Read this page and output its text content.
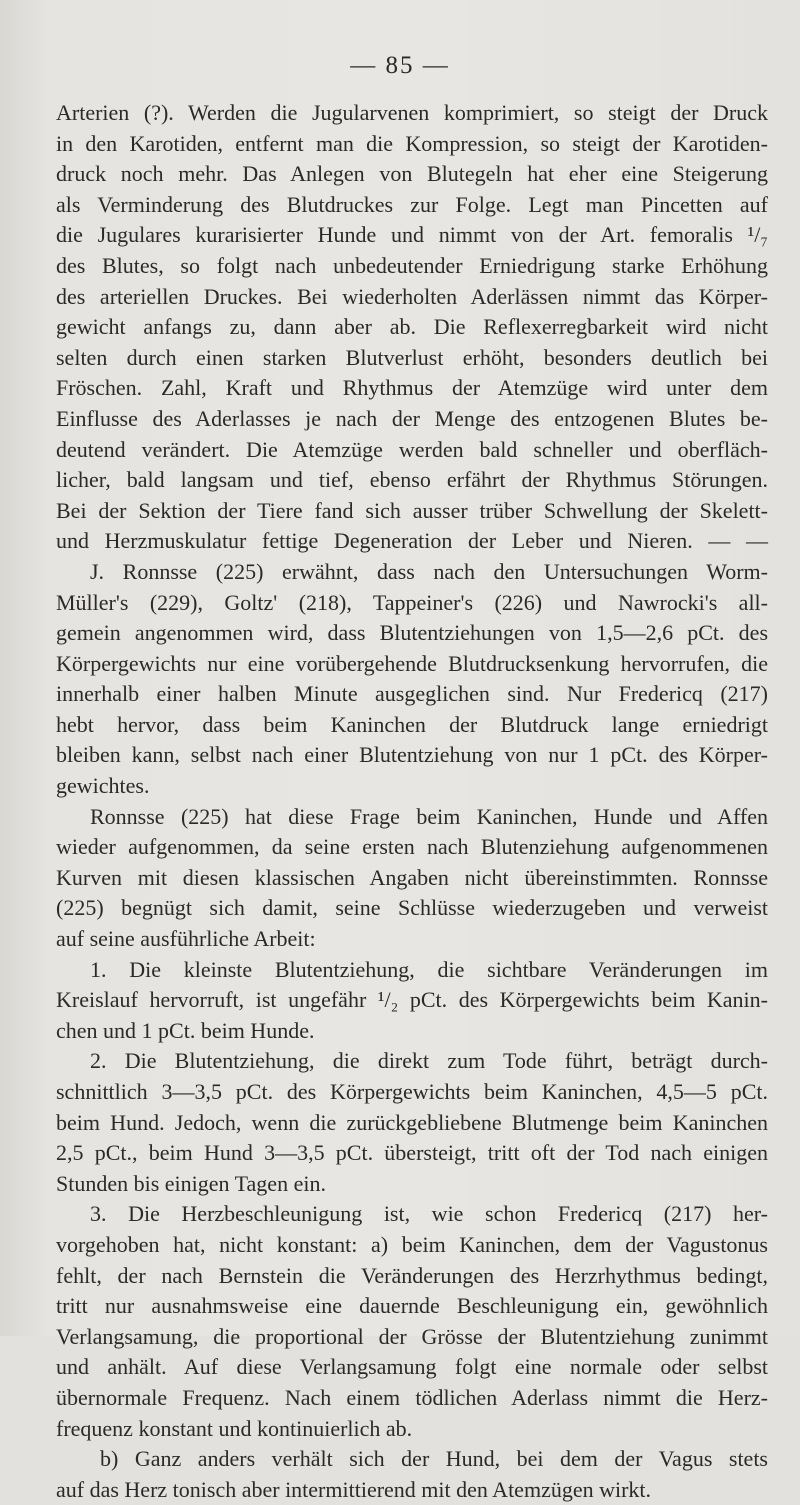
— 85 —
Arterien (?). Werden die Jugularvenen komprimiert, so steigt der Druck
in den Karotiden, entfernt man die Kompression, so steigt der Karotiden-
druck noch mehr. Das Anlegen von Blutegeln hat eher eine Steigerung
als Verminderung des Blutdruckes zur Folge. Legt man Pincetten auf
die Jugulares kurarisierter Hunde und nimmt von der Art. femoralis ¹/₇
des Blutes, so folgt nach unbedeutender Erniedrigung starke Erhöhung
des arteriellen Druckes. Bei wiederholten Aderlässen nimmt das Körper-
gewicht anfangs zu, dann aber ab. Die Reflexerregbarkeit wird nicht
selten durch einen starken Blutverlust erhöht, besonders deutlich bei
Fröschen. Zahl, Kraft und Rhythmus der Atemzüge wird unter dem
Einflusse des Aderlasses je nach der Menge des entzogenen Blutes be-
deutend verändert. Die Atemzüge werden bald schneller und oberfläch-
licher, bald langsam und tief, ebenso erfährt der Rhythmus Störungen.
Bei der Sektion der Tiere fand sich ausser trüber Schwellung der Skelett-
und Herzmuskulatur fettige Degeneration der Leber und Nieren. — —
J. Ronnsse (225) erwähnt, dass nach den Untersuchungen Worm-
Müller's (229), Goltz' (218), Tappeiner's (226) und Nawrocki's all-
gemein angenommen wird, dass Blutentziehungen von 1,5—2,6 pCt. des
Körpergewichts nur eine vorübergehende Blutdrucksenkung hervorrufen, die
innerhalb einer halben Minute ausgeglichen sind. Nur Fredericq (217)
hebt hervor, dass beim Kaninchen der Blutdruck lange erniedrigt
bleiben kann, selbst nach einer Blutentziehung von nur 1 pCt. des Körper-
gewichtes.
Ronnsse (225) hat diese Frage beim Kaninchen, Hunde und Affen
wieder aufgenommen, da seine ersten nach Blutenziehung aufgenommenen
Kurven mit diesen klassischen Angaben nicht übereinstimmten. Ronnsse
(225) begnügt sich damit, seine Schlüsse wiederzugeben und verweist
auf seine ausführliche Arbeit:
1. Die kleinste Blutentziehung, die sichtbare Veränderungen im
Kreislauf hervorruft, ist ungefähr ¹/₂ pCt. des Körpergewichts beim Kanin-
chen und 1 pCt. beim Hunde.
2. Die Blutentziehung, die direkt zum Tode führt, beträgt durch-
schnittlich 3—3,5 pCt. des Körpergewichts beim Kaninchen, 4,5—5 pCt.
beim Hund. Jedoch, wenn die zurückgebliebene Blutmenge beim Kaninchen
2,5 pCt., beim Hund 3—3,5 pCt. übersteigt, tritt oft der Tod nach einigen
Stunden bis einigen Tagen ein.
3. Die Herzbeschleunigung ist, wie schon Fredericq (217) her-
vorgehoben hat, nicht konstant: a) beim Kaninchen, dem der Vagustonus
fehlt, der nach Bernstein die Veränderungen des Herzrhythmus bedingt,
tritt nur ausnahmsweise eine dauernde Beschleunigung ein, gewöhnlich
Verlangsamung, die proportional der Grösse der Blutentziehung zunimmt
und anhält. Auf diese Verlangsamung folgt eine normale oder selbst
übernormale Frequenz. Nach einem tödlichen Aderlass nimmt die Herz-
frequenz konstant und kontinuierlich ab.
b) Ganz anders verhält sich der Hund, bei dem der Vagus stets
auf das Herz tonisch aber intermittierend mit den Atemzügen wirkt.
